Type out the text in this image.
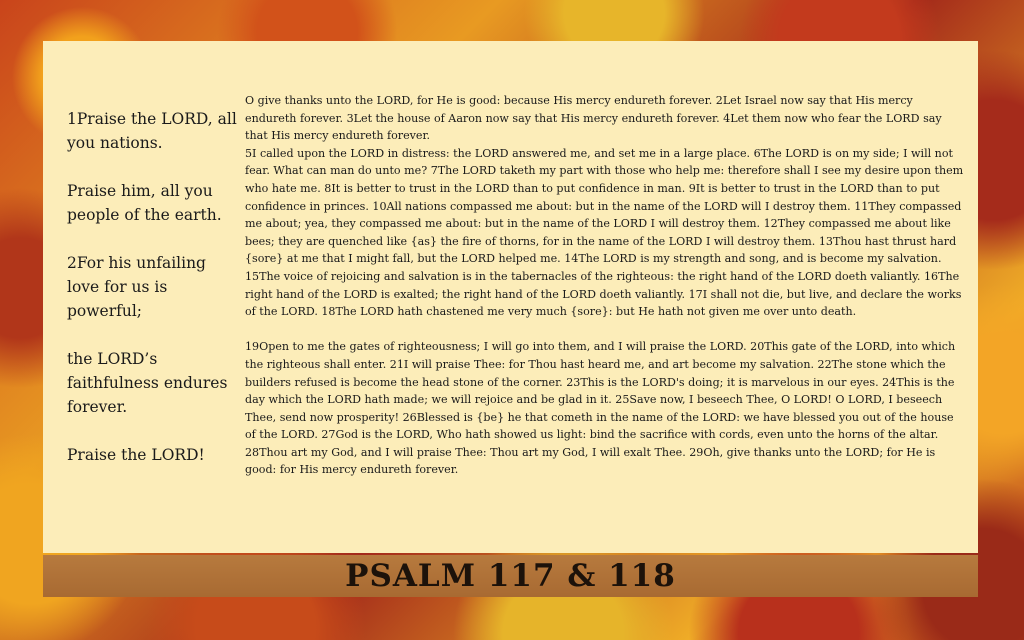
1Praise the LORD, all you nations.

Praise him, all you people of the earth.

2For his unfailing love for us is powerful;

the LORD’s faithfulness endures forever.

Praise the LORD!

O give thanks unto the LORD, for He is good: because His mercy endureth forever. 2Let Israel now say that His mercy endureth forever. 3Let the house of Aaron now say that His mercy endureth forever. 4Let them now who fear the LORD say that His mercy endureth forever.

5I called upon the LORD in distress: the LORD answered me, and set me in a large place. 6The LORD is on my side; I will not fear. What can man do unto me? 7The LORD taketh my part with those who help me: therefore shall I see my desire upon them who hate me. 8It is better to trust in the LORD than to put confidence in man. 9It is better to trust in the LORD than to put confidence in princes. 10All nations compassed me about: but in the name of the LORD will I destroy them. 11They compassed me about; yea, they compassed me about: but in the name of the LORD I will destroy them. 12They compassed me about like bees; they are quenched like {as} the fire of thorns, for in the name of the LORD I will destroy them. 13Thou hast thrust hard {sore} at me that I might fall, but the LORD helped me. 14The LORD is my strength and song, and is become my salvation. 15The voice of rejoicing and salvation is in the tabernacles of the righteous: the right hand of the LORD doeth valiantly. 16The right hand of the LORD is exalted; the right hand of the LORD doeth valiantly. 17I shall not die, but live, and declare the works of the LORD. 18The LORD hath chastened me very much {sore}: but He hath not given me over unto death.

19Open to me the gates of righteousness; I will go into them, and I will praise the LORD. 20This gate of the LORD, into which the righteous shall enter. 21I will praise Thee: for Thou hast heard me, and art become my salvation. 22The stone which the builders refused is become the head stone of the corner. 23This is the LORD's doing; it is marvelous in our eyes. 24This is the day which the LORD hath made; we will rejoice and be glad in it. 25Save now, I beseech Thee, O LORD! O LORD, I beseech Thee, send now prosperity! 26Blessed is {be} he that cometh in the name of the LORD: we have blessed you out of the house of the LORD. 27God is the LORD, Who hath showed us light: bind the sacrifice with cords, even unto the horns of the altar. 28Thou art my God, and I will praise Thee: Thou art my God, I will exalt Thee. 29Oh, give thanks unto the LORD; for He is good: for His mercy endureth forever.

PSALM 117 & 118
